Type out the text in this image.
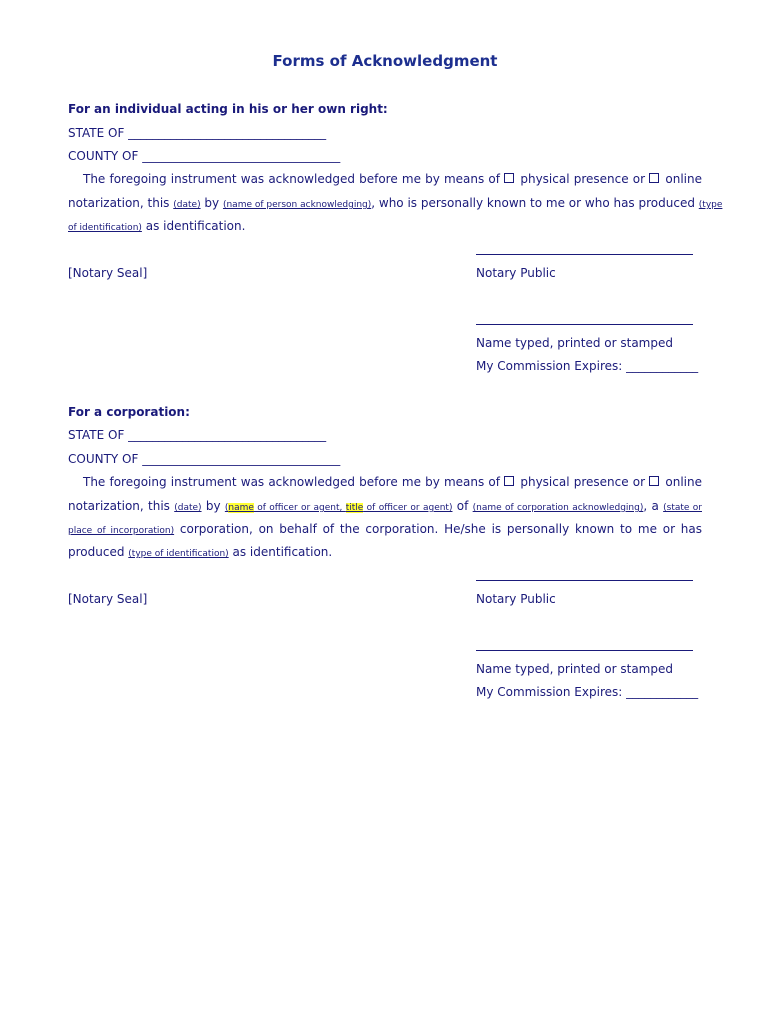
Forms of Acknowledgment
For an individual acting in his or her own right:
STATE OF _________________________________
COUNTY OF _________________________________
The foregoing instrument was acknowledged before me by means of physical presence or online
notarization, this (date) by (name of person acknowledging), who is personally known to me or who has produced (type
of identification) as identification.
[Notary Seal]	Notary Public
Name typed, printed or stamped
My Commission Expires: ____________
For a corporation:
STATE OF _________________________________
COUNTY OF _________________________________
The foregoing instrument was acknowledged before me by means of physical presence or online
notarization, this (date) by (name of officer or agent, title of officer or agent) of (name of corporation acknowledging), a (state or
place of incorporation) corporation, on behalf of the corporation. He/she is personally known to me or has
produced (type of identification) as identification.
[Notary Seal]	Notary Public
Name typed, printed or stamped
My Commission Expires: ____________
